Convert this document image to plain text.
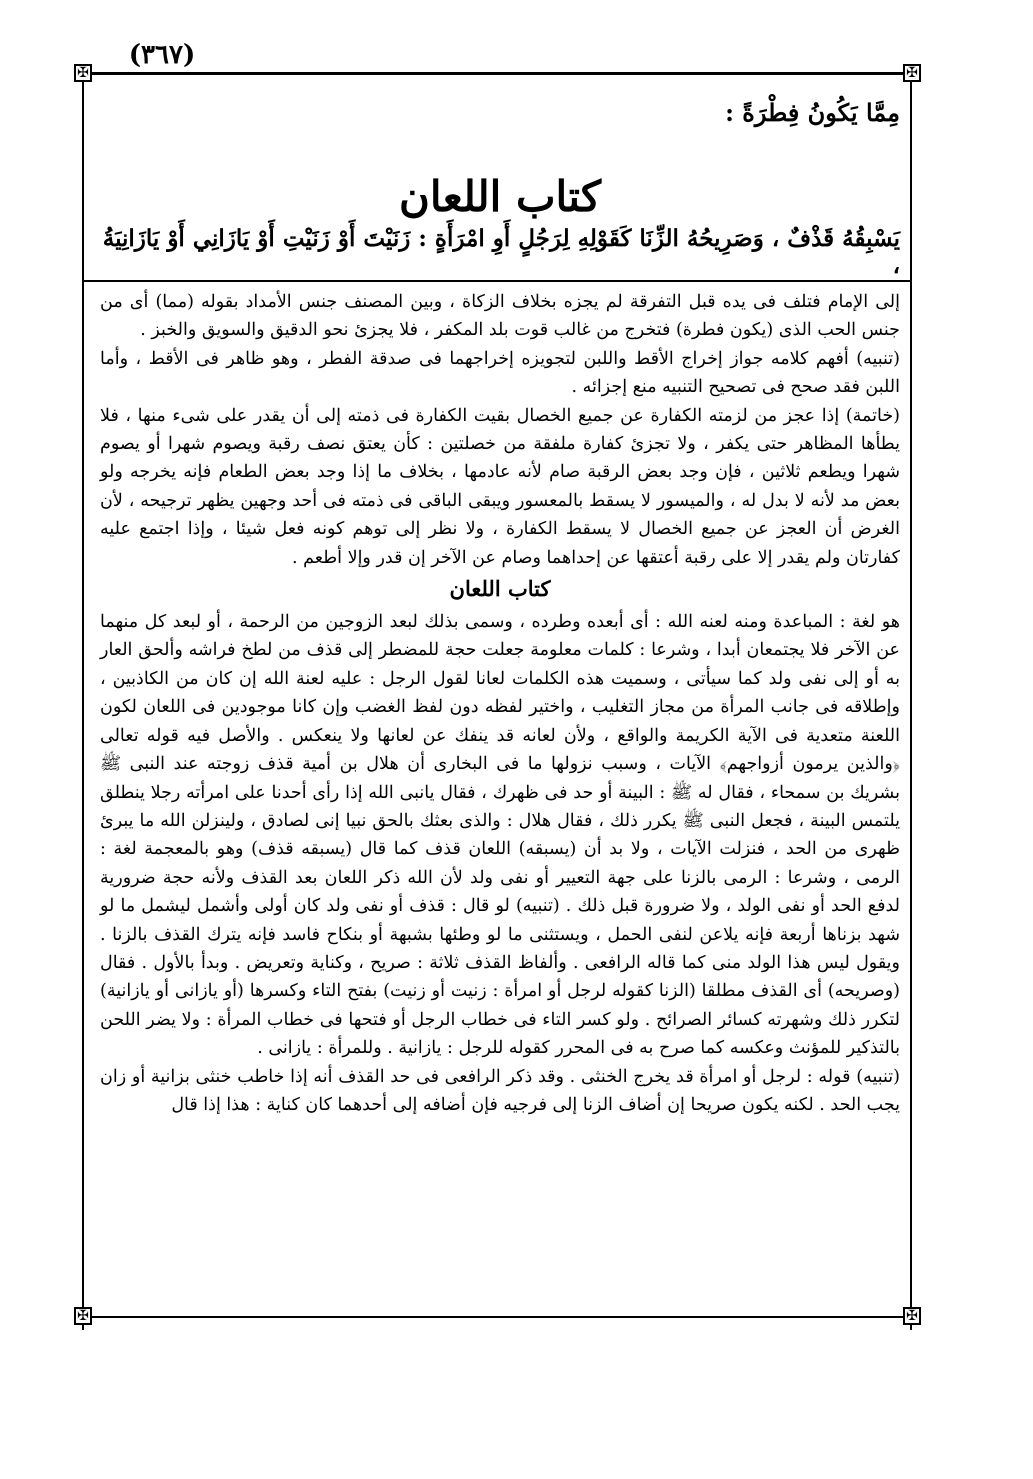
(٣٦٧)
✠	✠
✠	✠
مِمَّا يَكُونُ فِطْرَةً :
كتاب اللعان
يَسْبِقُهُ قَذْفٌ ، وَصَرِيحُهُ الزِّنَا كَقَوْلِهِ لِرَجُلٍ أَوِ امْرَأَةٍ : زَنَيْتَ أَوْ زَنَيْتِ أَوْ يَازَانِي أَوْ يَازَانِيَةُ ،

إلى الإمام فتلف فى يده قبل التفرقة لم يجزه بخلاف الزكاة ، وبين المصنف جنس الأمداد بقوله (مما) أى من جنس الحب الذى (يكون فطرة) فتخرج من غالب قوت بلد المكفر ، فلا يجزئ نحو الدقيق والسويق والخبز .

(تنبيه) أفهم كلامه جواز إخراج الأقط واللبن لتجويزه إخراجهما فى صدقة الفطر ، وهو ظاهر فى الأقط ، وأما اللبن فقد صحح فى تصحيح التنبيه منع إجزائه .

(خاتمة) إذا عجز من لزمته الكفارة عن جميع الخصال بقيت الكفارة فى ذمته إلى أن يقدر على شىء منها ، فلا يطأها المظاهر حتى يكفر ، ولا تجزئ كفارة ملفقة من خصلتين : كأن يعتق نصف رقبة ويصوم شهرا أو يصوم شهرا ويطعم ثلاثين ، فإن وجد بعض الرقبة صام لأنه عادمها ، بخلاف ما إذا وجد بعض الطعام فإنه يخرجه ولو بعض مد لأنه لا بدل له ، والميسور لا يسقط بالمعسور ويبقى الباقى فى ذمته فى أحد وجهين يظهر ترجيحه ، لأن الغرض أن العجز عن جميع الخصال لا يسقط الكفارة ، ولا نظر إلى توهم كونه فعل شيئا ، وإذا اجتمع عليه كفارتان ولم يقدر إلا على رقبة أعتقها عن إحداهما وصام عن الآخر إن قدر وإلا أطعم .

كتاب اللعان

هو لغة : المباعدة ومنه لعنه الله : أى أبعده وطرده ، وسمى بذلك لبعد الزوجين من الرحمة ، أو لبعد كل منهما عن الآخر فلا يجتمعان أبدا ، وشرعا : كلمات معلومة جعلت حجة للمضطر إلى قذف من لطخ فراشه وألحق العار به أو إلى نفى ولد كما سيأتى ، وسميت هذه الكلمات لعانا لقول الرجل : عليه لعنة الله إن كان من الكاذبين ، وإطلاقه فى جانب المرأة من مجاز التغليب ، واختير لفظه دون لفظ الغضب وإن كانا موجودين فى اللعان لكون اللعنة متعدية فى الآية الكريمة والواقع ، ولأن لعانه قد ينفك عن لعانها ولا ينعكس . والأصل فيه قوله تعالى ﴿والذين يرمون أزواجهم﴾ الآيات ، وسبب نزولها ما فى البخارى أن هلال بن أمية قذف زوجته عند النبى ﷺ بشريك بن سمحاء ، فقال له ﷺ : البينة أو حد فى ظهرك ، فقال يانبى الله إذا رأى أحدنا على امرأته رجلا ينطلق يلتمس البينة ، فجعل النبى ﷺ يكرر ذلك ، فقال هلال : والذى بعثك بالحق نبيا إنى لصادق ، ولينزلن الله ما يبرئ ظهرى من الحد ، فنزلت الآيات ، ولا بد أن (يسبقه) اللعان قذف كما قال (يسبقه قذف) وهو بالمعجمة لغة : الرمى ، وشرعا : الرمى بالزنا على جهة التعيير أو نفى ولد لأن الله ذكر اللعان بعد القذف ولأنه حجة ضرورية لدفع الحد أو نفى الولد ، ولا ضرورة قبل ذلك . (تنبيه) لو قال : قذف أو نفى ولد كان أولى وأشمل ليشمل ما لو شهد بزناها أربعة فإنه يلاعن لنفى الحمل ، ويستثنى ما لو وطئها بشبهة أو بنكاح فاسد فإنه يترك القذف بالزنا . ويقول ليس هذا الولد منى كما قاله الرافعى . وألفاظ القذف ثلاثة : صريح ، وكناية وتعريض . وبدأ بالأول . فقال (وصريحه) أى القذف مطلقا (الزنا كقوله لرجل أو امرأة : زنيت أو زنيت) بفتح التاء وكسرها (أو يازانى أو يازانية) لتكرر ذلك وشهرته كسائر الصرائح . ولو كسر التاء فى خطاب الرجل أو فتحها فى خطاب المرأة : ولا يضر اللحن بالتذكير للمؤنث وعكسه كما صرح به فى المحرر كقوله للرجل : يازانية . وللمرأة : يازانى .

(تنبيه) قوله : لرجل أو امرأة قد يخرج الخنثى . وقد ذكر الرافعى فى حد القذف أنه إذا خاطب خنثى بزانية أو زان يجب الحد . لكنه يكون صريحا إن أضاف الزنا إلى فرجيه فإن أضافه إلى أحدهما كان كناية : هذا إذا قال
